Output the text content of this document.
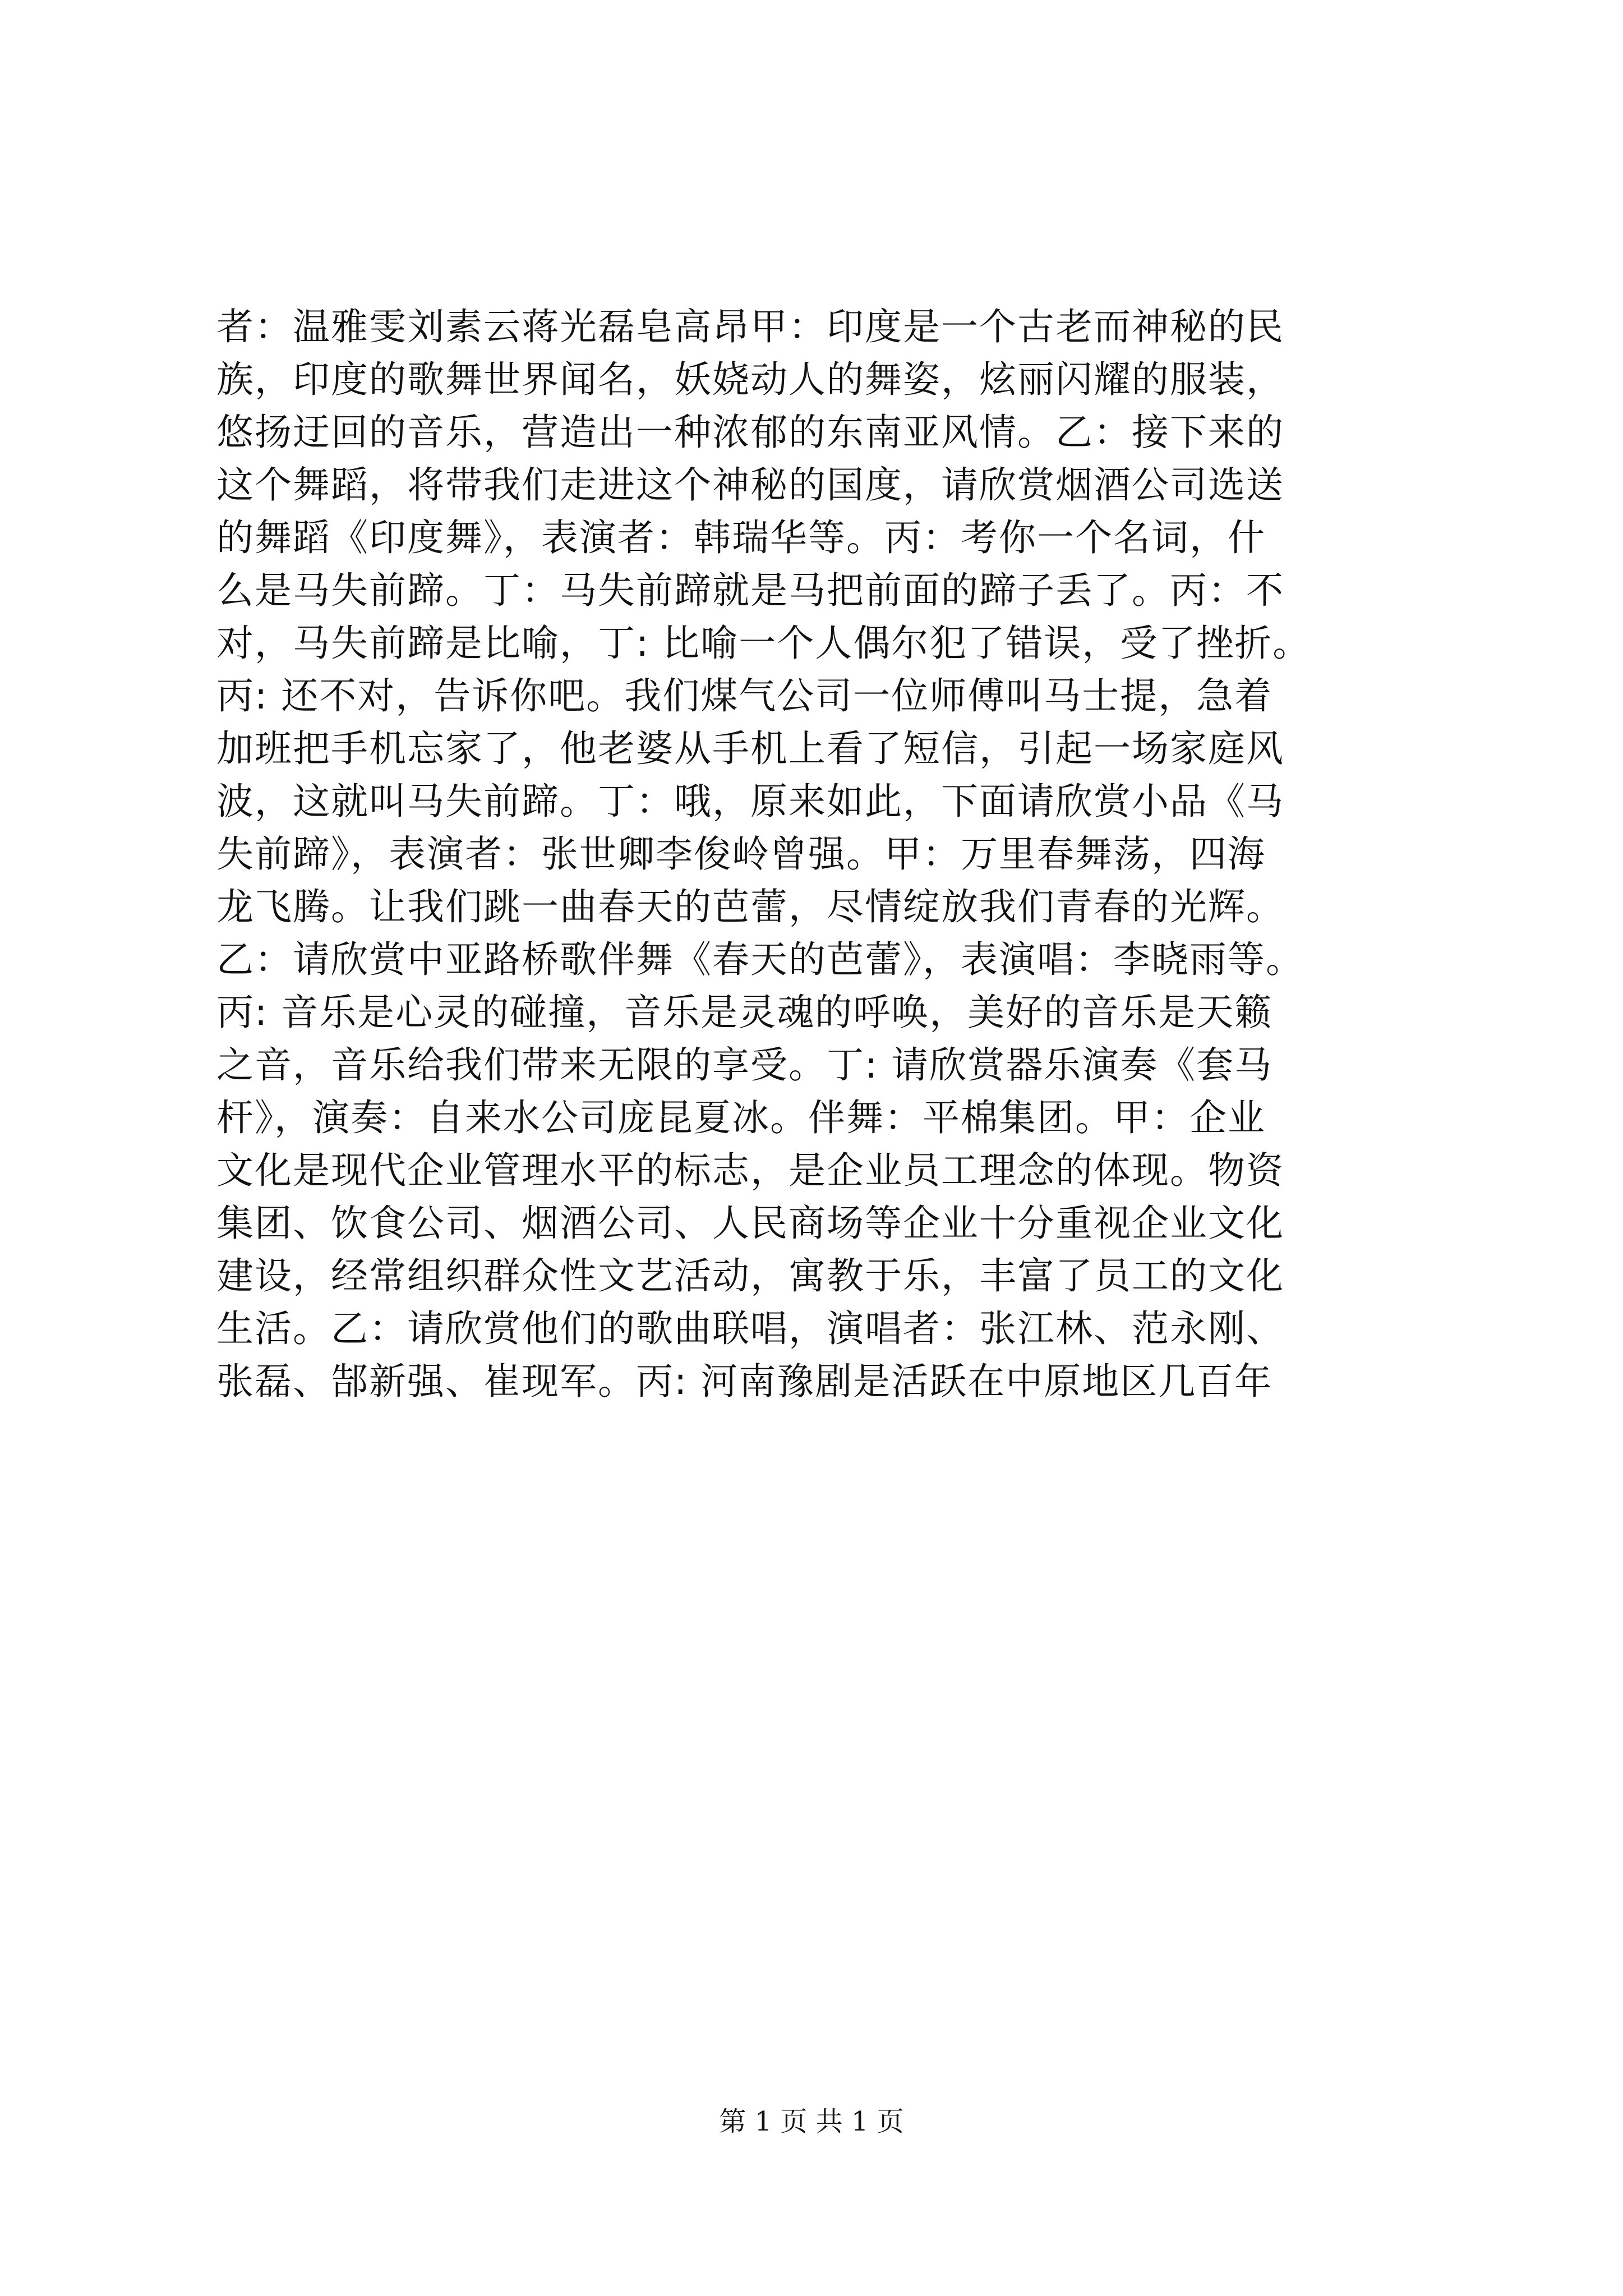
者：温雅雯刘素云蒋光磊皂高昂甲：印度是一个古老而神秘的民
族，印度的歌舞世界闻名，妖娆动人的舞姿，炫丽闪耀的服装，
悠扬迂回的音乐，营造出一种浓郁的东南亚风情。乙：接下来的
这个舞蹈，将带我们走进这个神秘的国度，请欣赏烟酒公司选送
的舞蹈《印度舞》，表演者：韩瑞华等。丙：考你一个名词，什
么是马失前蹄。丁：马失前蹄就是马把前面的蹄子丢了。丙：不
对，马失前蹄是比喻，丁: 比喻一个人偶尔犯了错误，受了挫折。
丙: 还不对，告诉你吧。我们煤气公司一位师傅叫马士提，急着
加班把手机忘家了，他老婆从手机上看了短信，引起一场家庭风
波，这就叫马失前蹄。丁：哦，原来如此，下面请欣赏小品《马
失前蹄》，表演者：张世卿李俊岭曾强。甲：万里春舞荡，四海
龙飞腾。让我们跳一曲春天的芭蕾，尽情绽放我们青春的光辉。
乙：请欣赏中亚路桥歌伴舞《春天的芭蕾》，表演唱：李晓雨等。
丙: 音乐是心灵的碰撞，音乐是灵魂的呼唤，美好的音乐是天籁
之音，音乐给我们带来无限的享受。丁: 请欣赏器乐演奏《套马
杆》，演奏：自来水公司庞昆夏冰。伴舞：平棉集团。甲：企业
文化是现代企业管理水平的标志，是企业员工理念的体现。物资
集团、饮食公司、烟酒公司、人民商场等企业十分重视企业文化
建设，经常组织群众性文艺活动，寓教于乐，丰富了员工的文化
生活。乙：请欣赏他们的歌曲联唱，演唱者：张江林、范永刚、
张磊、郜新强、崔现军。丙: 河南豫剧是活跃在中原地区几百年
第 1 页 共 1 页
